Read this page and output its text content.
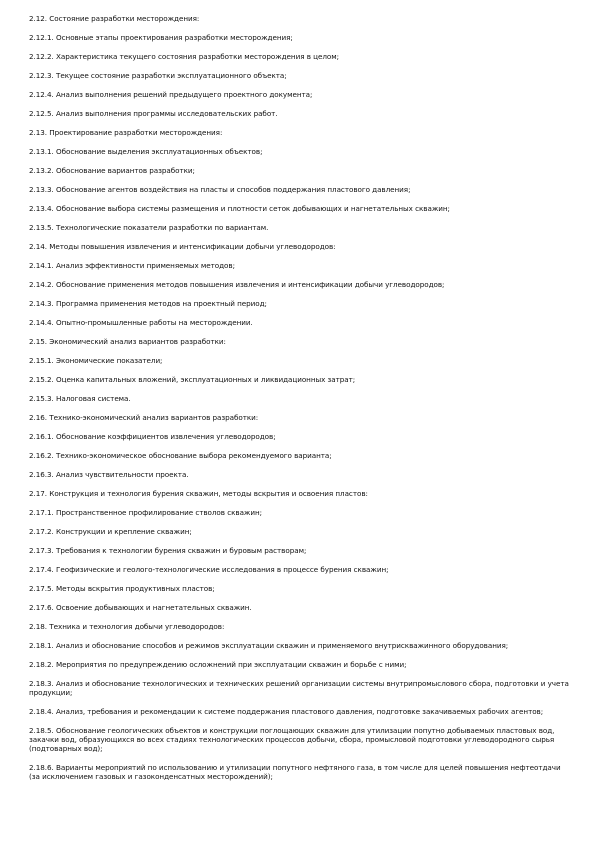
2.12. Состояние разработки месторождения:
2.12.1. Основные этапы проектирования разработки месторождения;
2.12.2. Характеристика текущего состояния разработки месторождения в целом;
2.12.3. Текущее состояние разработки эксплуатационного объекта;
2.12.4. Анализ выполнения решений предыдущего проектного документа;
2.12.5. Анализ выполнения программы исследовательских работ.
2.13. Проектирование разработки месторождения:
2.13.1. Обоснование выделения эксплуатационных объектов;
2.13.2. Обоснование вариантов разработки;
2.13.3. Обоснование агентов воздействия на пласты и способов поддержания пластового давления;
2.13.4. Обоснование выбора системы размещения и плотности сеток добывающих и нагнетательных скважин;
2.13.5. Технологические показатели разработки по вариантам.
2.14. Методы повышения извлечения и интенсификации добычи углеводородов:
2.14.1. Анализ эффективности применяемых методов;
2.14.2. Обоснование применения методов повышения извлечения и интенсификации добычи углеводородов;
2.14.3. Программа применения методов на проектный период;
2.14.4. Опытно-промышленные работы на месторождении.
2.15. Экономический анализ вариантов разработки:
2.15.1. Экономические показатели;
2.15.2. Оценка капитальных вложений, эксплуатационных и ликвидационных затрат;
2.15.3. Налоговая система.
2.16. Технико-экономический анализ вариантов разработки:
2.16.1. Обоснование коэффициентов извлечения углеводородов;
2.16.2. Технико-экономическое обоснование выбора рекомендуемого варианта;
2.16.3. Анализ чувствительности проекта.
2.17. Конструкция и технология бурения скважин, методы вскрытия и освоения пластов:
2.17.1. Пространственное профилирование стволов скважин;
2.17.2. Конструкции и крепление скважин;
2.17.3. Требования к технологии бурения скважин и буровым растворам;
2.17.4. Геофизические и геолого-технологические исследования в процессе бурения скважин;
2.17.5. Методы вскрытия продуктивных пластов;
2.17.6. Освоение добывающих и нагнетательных скважин.
2.18. Техника и технология добычи углеводородов:
2.18.1. Анализ и обоснование способов и режимов эксплуатации скважин и применяемого внутрискважинного оборудования;
2.18.2. Мероприятия по предупреждению осложнений при эксплуатации скважин и борьбе с ними;
2.18.3. Анализ и обоснование технологических и технических решений организации системы внутрипромыслового сбора, подготовки и учета продукции;
2.18.4. Анализ, требования и рекомендации к системе поддержания пластового давления, подготовке закачиваемых рабочих агентов;
2.18.5. Обоснование геологических объектов и конструкции поглощающих скважин для утилизации попутно добываемых пластовых вод, закачки вод, образующихся во всех стадиях технологических процессов добычи, сбора, промысловой подготовки углеводородного сырья (подтоварных вод);
2.18.6. Варианты мероприятий по использованию и утилизации попутного нефтяного газа, в том числе для целей повышения нефтеотдачи (за исключением газовых и газоконденсатных месторождений);
